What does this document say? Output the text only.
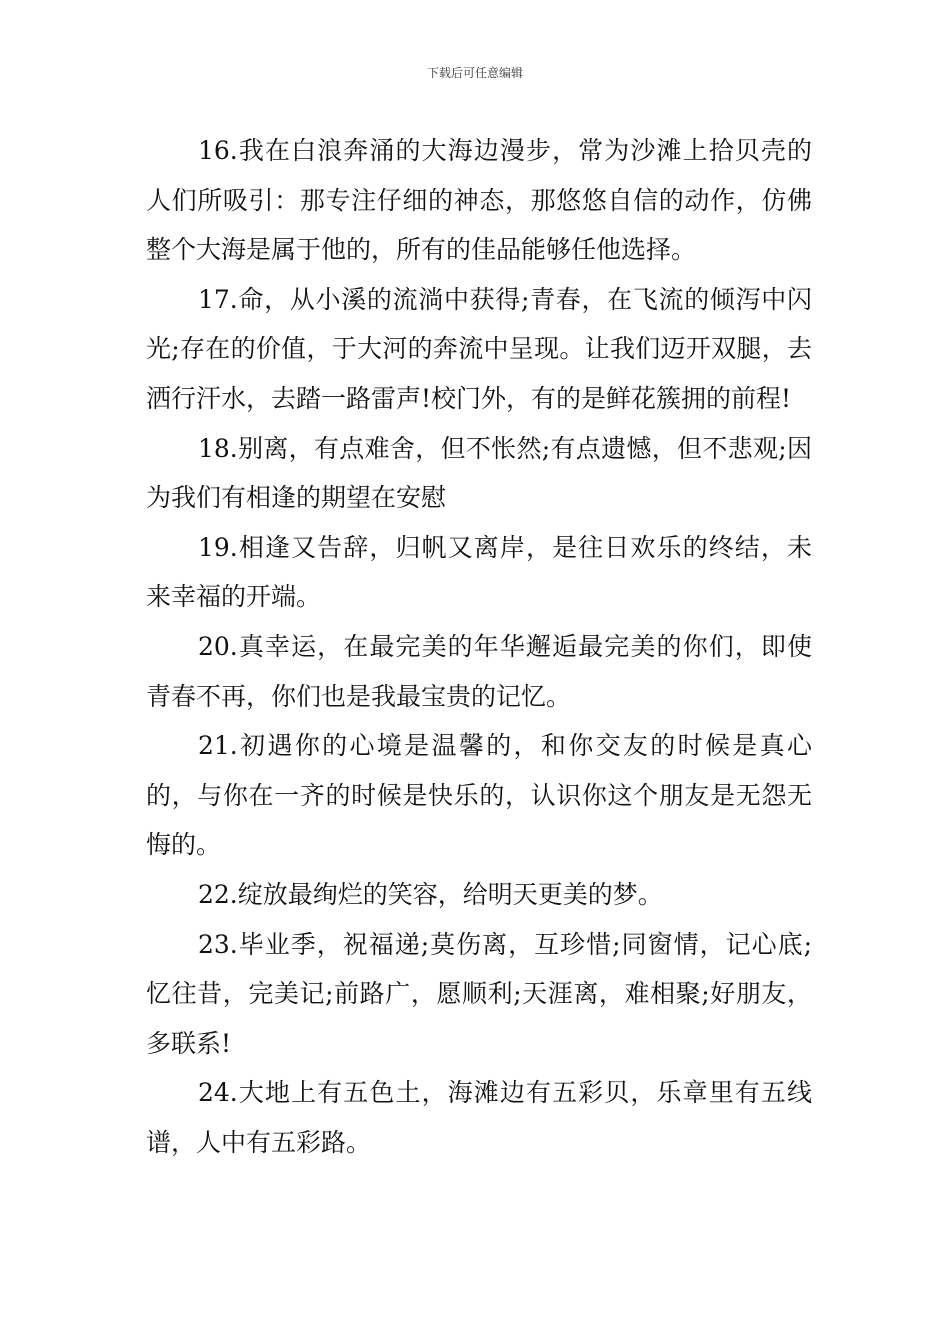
下载后可任意编辑

16.我在白浪奔涌的大海边漫步，常为沙滩上拾贝壳的人们所吸引：那专注仔细的神态，那悠悠自信的动作，仿佛整个大海是属于他的，所有的佳品能够任他选择。

17.命，从小溪的流淌中获得;青春，在飞流的倾泻中闪光;存在的价值，于大河的奔流中呈现。让我们迈开双腿，去洒行汗水，去踏一路雷声!校门外，有的是鲜花簇拥的前程!

18.别离，有点难舍，但不怅然;有点遗憾，但不悲观;因为我们有相逢的期望在安慰

19.相逢又告辞，归帆又离岸，是往日欢乐的终结，未来幸福的开端。

20.真幸运，在最完美的年华邂逅最完美的你们，即使青春不再，你们也是我最宝贵的记忆。

21.初遇你的心境是温馨的，和你交友的时候是真心的，与你在一齐的时候是快乐的，认识你这个朋友是无怨无悔的。

22.绽放最绚烂的笑容，给明天更美的梦。

23.毕业季，祝福递;莫伤离，互珍惜;同窗情，记心底;忆往昔，完美记;前路广，愿顺利;天涯离，难相聚;好朋友，多联系!

24.大地上有五色土，海滩边有五彩贝，乐章里有五线谱，人中有五彩路。
